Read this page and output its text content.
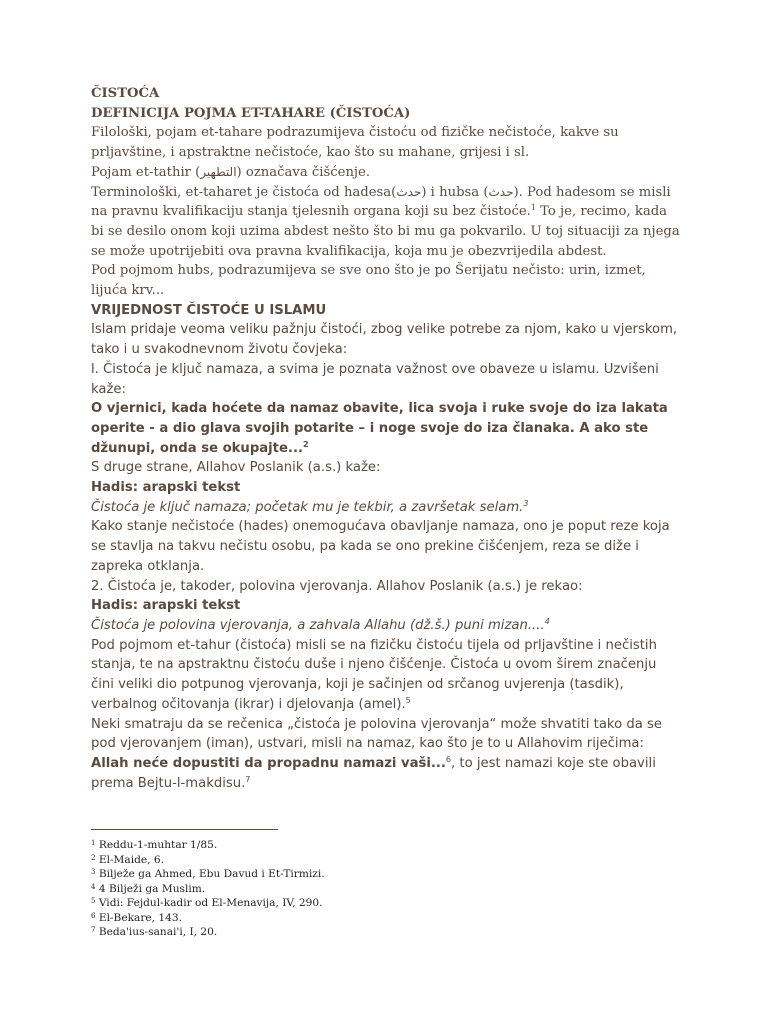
ČISTOĆA

DEFINICIJA POJMA ET-TAHARE (ČISTOĆA)

Filološki, pojam et-tahare podrazumijeva čistoću od fizičke nečistoće, kakve su prljavštine, i apstraktne nečistoće, kao što su mahane, grijesi i sl.

Pojam et-tathir (التطهير) označava čišćenje.

Terminološki, et-taharet je čistoća od hadesa(حدث) i hubsa (حدث). Pod hadesom se misli na pravnu kvalifikaciju stanja tjelesnih organa koji su bez čistoće.$^1$ To je, recimo, kada bi se desilo onom koji uzima abdest nešto što bi mu ga pokvarilo. U toj situaciji za njega se može upotrijebiti ova pravna kvalifikacija, koja mu je obezvrijedila abdest.

Pod pojmom hubs, podrazumijeva se sve ono što je po Šerijatu nečisto: urin, izmet, lijuća krv...

VRIJEDNOST ČISTOĆE U ISLAMU

Islam pridaje veoma veliku pažnju čistoći, zbog velike potrebe za njom, kako u vjerskom, tako i u svakodnevnom životu čovjeka:

l. Čistoća je ključ namaza, a svima je poznata važnost ove obaveze u islamu. Uzvišeni kaže:

O vjernici, kada hoćete da namaz obavite, lica svoja i ruke svoje do iza lakata operite - a dio glava svojih potarite – i noge svoje do iza članaka. A ako ste džunupi, onda se okupajte...$^2$

S druge strane, Allahov Poslanik (a.s.) kaže:

Hadis: arapski tekst

Čistoća je ključ namaza; početak mu je tekbir, a završetak selam.$^3$

Kako stanje nečistoće (hades) onemogućava obavljanje namaza, ono je poput reze koja se stavlja na takvu nečistu osobu, pa kada se ono prekine čišćenjem, reza se diže i zapreka otklanja.

2. Čistoća je, takoder, polovina vjerovanja. Allahov Poslanik (a.s.) je rekao:

Hadis: arapski tekst

Čistoća je polovina vjerovanja, a zahvala Allahu (dž.š.) puni mizan....$^4$

Pod pojmom et-tahur (čistoća) misli se na fizičku čistoću tijela od prljavštine i nečistih stanja, te na apstraktnu čistoću duše i njeno čišćenje. Čistoća u ovom širem značenju čini veliki dio potpunog vjerovanja, koji je sačinjen od srčanog uvjerenja (tasdik), verbalnog očitovanja (ikrar) i djelovanja (amel).$^5$

Neki smatraju da se rečenica „čistoća je polovina vjerovanja“ može shvatiti tako da se pod vjerovanjem (iman), ustvari, misli na namaz, kao što je to u Allahovim riječima:

Allah neće dopustiti da propadnu namazi vaši...$^6$, to jest namazi koje ste obavili prema Bejtu-l-makdisu.$^7$

$^1$ Reddu-1-muhtar 1/85.

$^2$ El-Maide, 6.

$^3$ Bilježe ga Ahmed, Ebu Davud i Et-Tirmizi.

$^4$ 4 Bilježi ga Muslim.

$^5$ Vidi: Fejdul-kadir od El-Menavija, IV, 290.

$^6$ El-Bekare, 143.

$^7$ Beda'ius-sanai'i, I, 20.
